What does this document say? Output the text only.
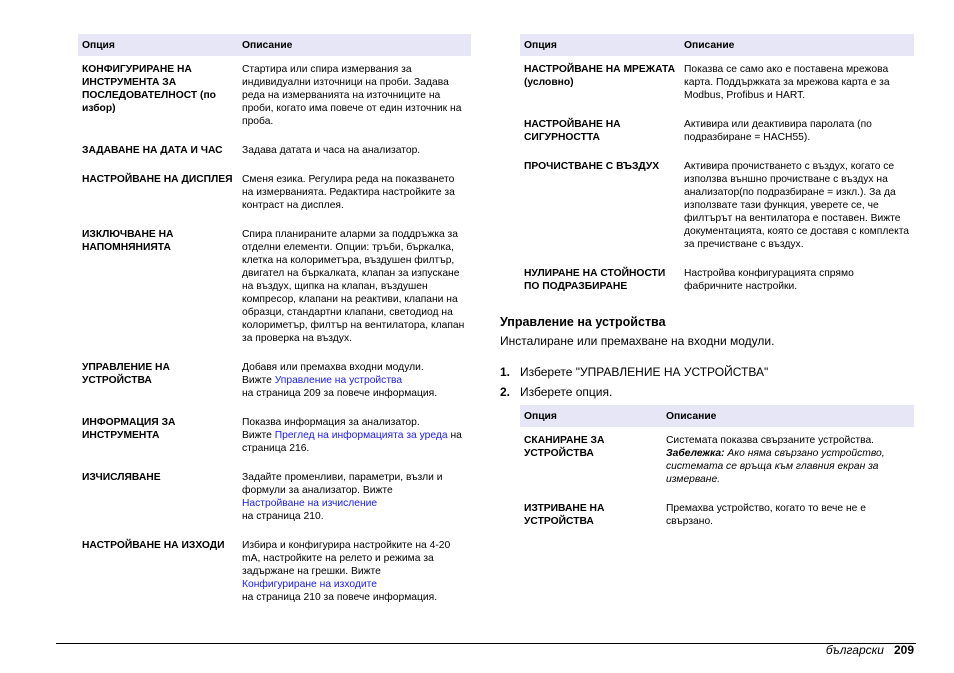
Опция	Описание
КОНФИГУРИРАНЕ НА ИНСТРУМЕНТА ЗА ПОСЛЕДОВАТЕЛНОСТ (по избор)	Стартира или спира измервания за индивидуални източници на проби. Задава реда на измерванията на източниците на проби, когато има повече от един източник на проба.
ЗАДАВАНЕ НА ДАТА И ЧАС	Задава датата и часа на анализатор.
НАСТРОЙВАНЕ НА ДИСПЛЕЯ	Сменя езика. Регулира реда на показването на измерванията. Редактира настройките за контраст на дисплея.
ИЗКЛЮЧВАНЕ НА НАПОМНЯНИЯТА	Спира планираните аларми за поддръжка за отделни елементи. Опции: тръби, бъркалка, клетка на колориметъра, въздушен филтър, двигател на бъркалката, клапан за изпускане на въздух, щипка на клапан, въздушен компресор, клапани на реактиви, клапани на образци, стандартни клапани, светодиод на колориметър, филтър на вентилатора, клапан за проверка на въздух.
УПРАВЛЕНИЕ НА УСТРОЙСТВА	Добавя или премахва входни модули.
Вижте Управление на устройства
на страница 209 за повече информация.
ИНФОРМАЦИЯ ЗА ИНСТРУМЕНТА	Показва информация за анализатор.
Вижте Преглед на информацията за уреда на страница 216.
ИЗЧИСЛЯВАНЕ	Задайте променливи, параметри, възли и формули за анализатор. Вижте
Настройване на изчисление
на страница 210.
НАСТРОЙВАНЕ НА ИЗХОДИ	Избира и конфигурира настройките на 4-20 mA, настройките на релето и режима за задържане на грешки. Вижте
Конфигуриране на изходите
на страница 210 за повече информация.
Опция	Описание
НАСТРОЙВАНЕ НА МРЕЖАТА (условно)	Показва се само ако е поставена мрежова карта. Поддържката за мрежова карта е за Modbus, Profibus и HART.
НАСТРОЙВАНЕ НА СИГУРНОСТТА	Активира или деактивира паролата (по подразбиране = HACH55).
ПРОЧИСТВАНЕ С ВЪЗДУХ	Активира прочистването с въздух, когато се използва външно прочистване с въздух на анализатор(по подразбиране = изкл.). За да използвате тази функция, уверете се, че филтърът на вентилатора е поставен. Вижте документацията, която се доставя с комплекта за пречистване с въздух.
НУЛИРАНЕ НА СТОЙНОСТИ ПО ПОДРАЗБИРАНЕ	Настройва конфигурацията спрямо фабричните настройки.
Управление на устройства
Инсталиране или премахване на входни модули.
1. Изберете "УПРАВЛЕНИЕ НА УСТРОЙСТВА"
2. Изберете опция.
Опция	Описание
СКАНИРАНЕ ЗА УСТРОЙСТВА	Системата показва свързаните устройства.
Забележка: Ако няма свързано устройство, системата се връща към главния екран за измерване.
ИЗТРИВАНЕ НА УСТРОЙСТВА	Премахва устройство, когато то вече не е свързано.
български 209
